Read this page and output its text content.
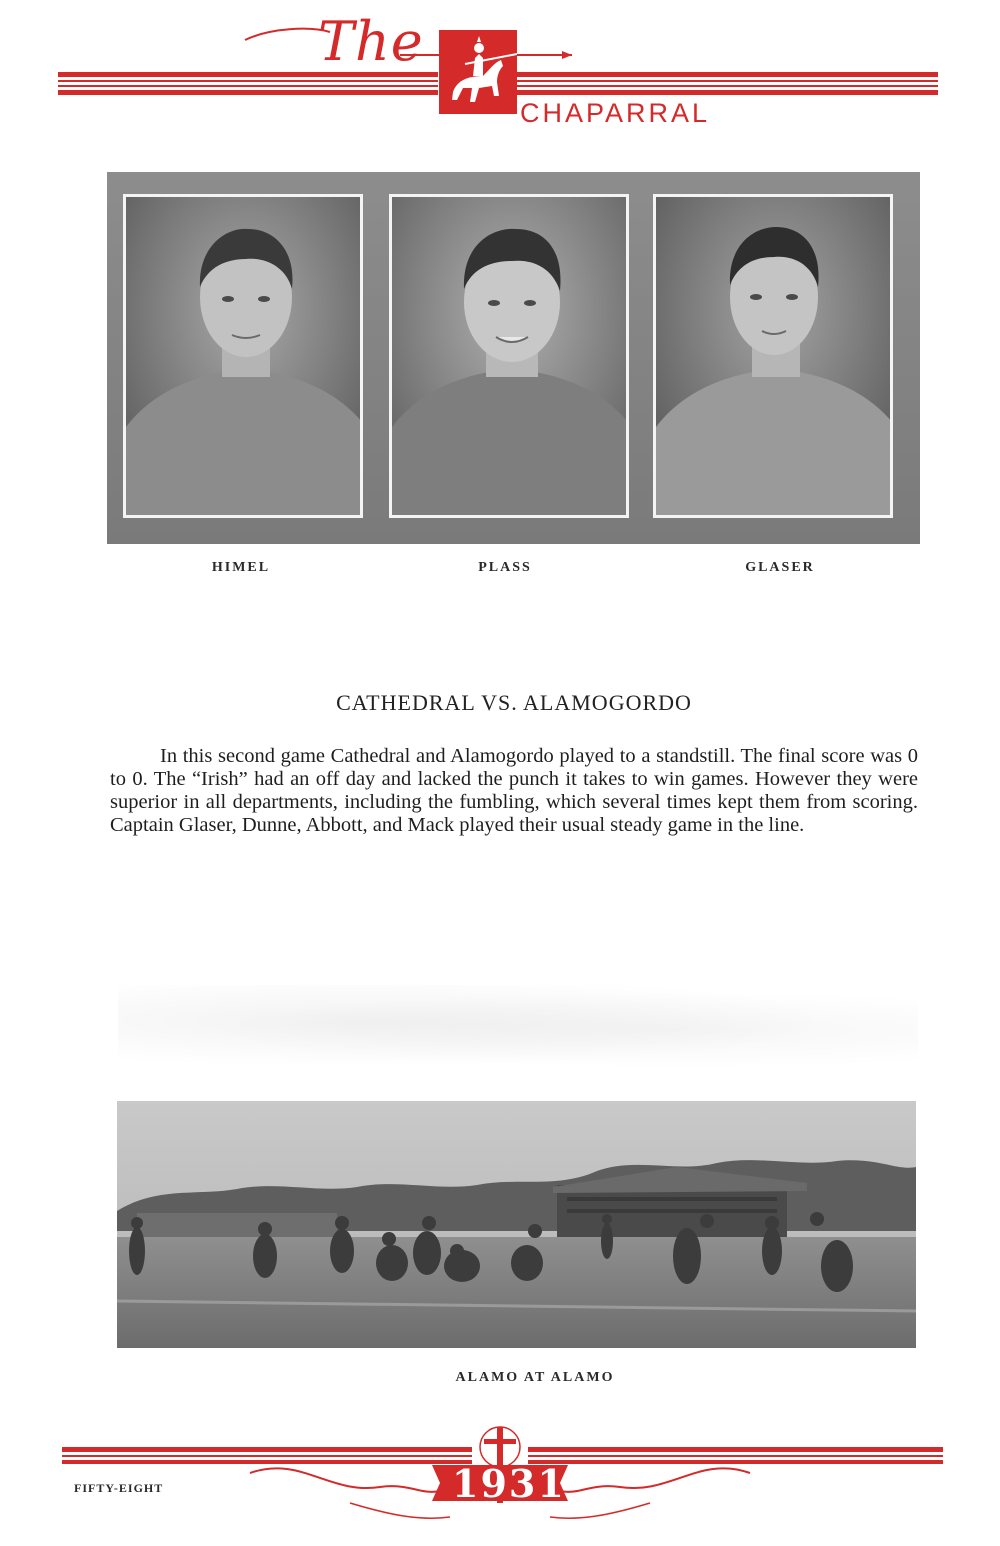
The
CHAPARRAL
HIMEL	PLASS	GLASER
CATHEDRAL VS. ALAMOGORDO

In this second game Cathedral and Alamogordo played to a standstill. The final score was 0 to 0. The “Irish” had an off day and lacked the punch it takes to win games. However they were superior in all departments, including the fumbling, which several times kept them from scoring. Captain Glaser, Dunne, Abbott, and Mack played their usual steady game in the line.

ALAMO AT ALAMO
1931
FIFTY-EIGHT
